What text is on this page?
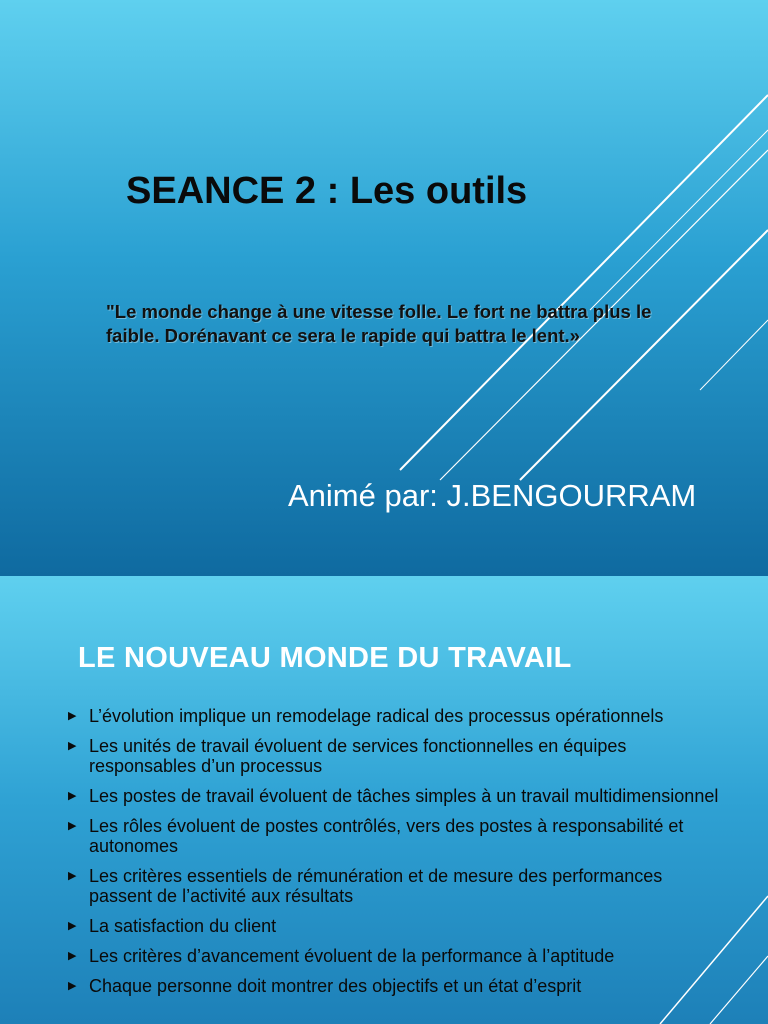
SEANCE 2 : Les outils

"Le monde change à une vitesse folle. Le fort ne battra plus le
faible. Dorénavant ce sera le rapide qui battra le lent.»

Animé par: J.BENGOURRAM

LE NOUVEAU MONDE DU TRAVAIL
▶ L’évolution implique un remodelage radical des processus opérationnels
▶ Les unités de travail évoluent de services fonctionnelles en équipes responsables d’un processus
▶ Les postes de travail évoluent de tâches simples à un travail multidimensionnel
▶ Les rôles évoluent de postes contrôlés, vers des postes à responsabilité et autonomes
▶ Les critères essentiels de rémunération et de mesure des performances passent de l’activité aux résultats
▶ La satisfaction du client
▶ Les critères d’avancement évoluent de la performance à l’aptitude
▶ Chaque personne doit montrer des objectifs et un état d’esprit
